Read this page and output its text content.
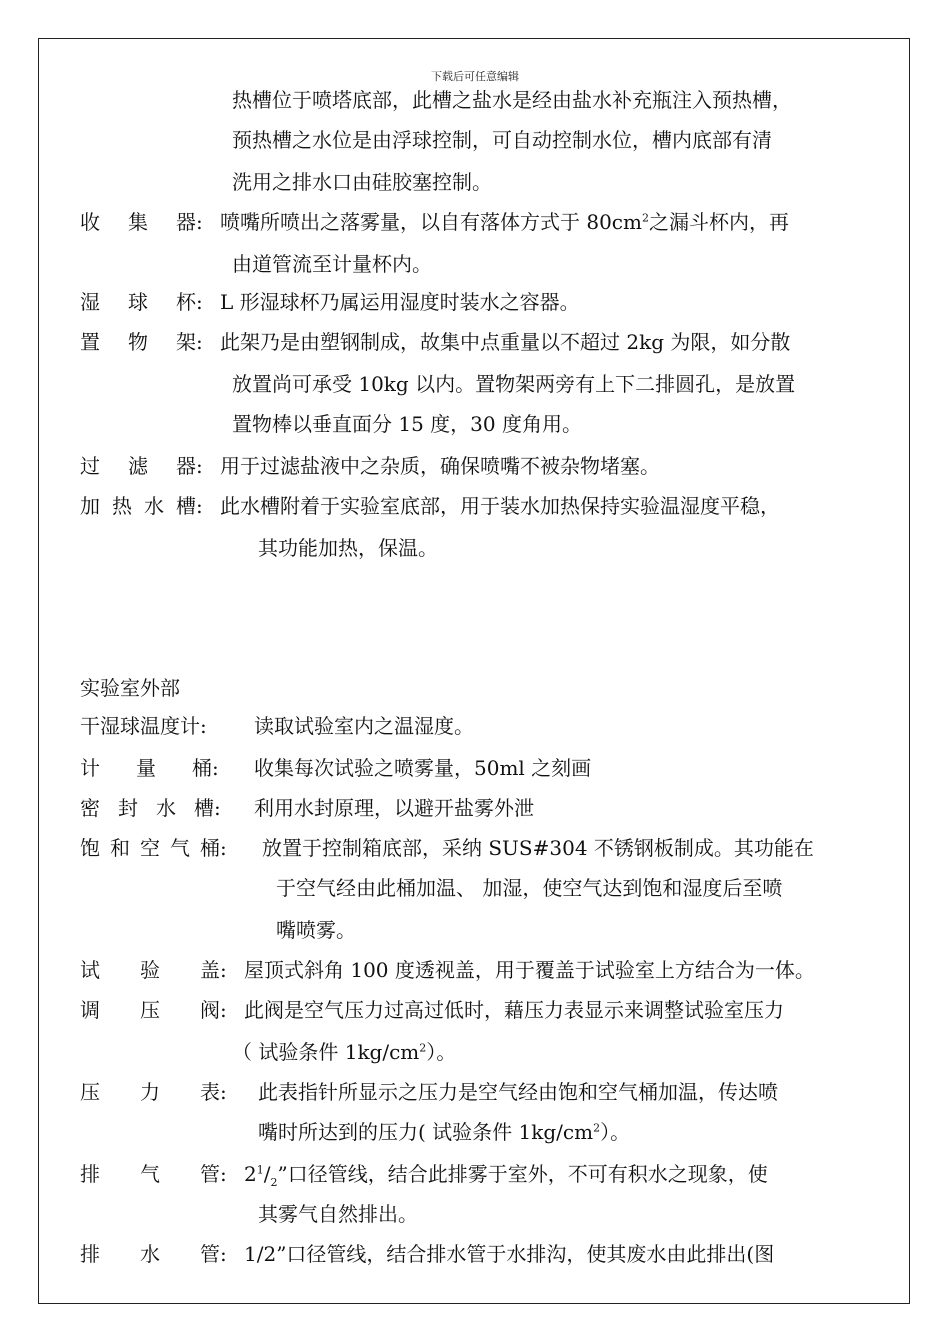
下载后可任意编辑
热槽位于喷塔底部，此槽之盐水是经由盐水补充瓶注入预热槽，
预热槽之水位是由浮球控制，可自动控制水位，槽内底部有清
洗用之排水口由硅胶塞控制。
收 集 器: 喷嘴所喷出之落雾量，以自有落体方式于 $80cm^2$之漏斗杯内，再
由道管流至计量杯内。
湿 球 杯: L 形湿球杯乃属运用湿度时装水之容器。
置 物 架: 此架乃是由塑钢制成，故集中点重量以不超过 2kg 为限，如分散
放置尚可承受 10kg 以内。置物架两旁有上下二排圆孔，是放置
置物棒以垂直面分 15 度，30 度角用。
过 滤 器: 用于过滤盐液中之杂质，确保喷嘴不被杂物堵塞。
加 热 水 槽: 此水槽附着于实验室底部，用于装水加热保持实验温湿度平稳，
其功能加热，保温。
实验室外部
干湿球温度计: 读取试验室内之温湿度。
计 量 桶: 收集每次试验之喷雾量，50ml 之刻画
密 封 水 槽: 利用水封原理，以避开盐雾外泄
饱 和 空 气 桶: 放置于控制箱底部，采纳 SUS#304 不锈钢板制成。其功能在
于空气经由此桶加温、 加湿，使空气达到饱和湿度后至喷
嘴喷雾。
试 验 盖: 屋顶式斜角 100 度透视盖，用于覆盖于试验室上方结合为一体。
调 压 阀: 此阀是空气压力过高过低时，藉压力表显示来调整试验室压力
（ 试验条件 $1kg/cm^2$）。
压 力 表: 此表指针所显示之压力是空气经由饱和空气桶加温，传达喷
嘴时所达到的压力( 试验条件 $1kg/cm^2$）。
排 气 管: $2^1/_2$”口径管线，结合此排雾于室外，不可有积水之现象，使
其雾气自然排出。
排 水 管: 1/2”口径管线，结合排水管于水排沟，使其废水由此排出(图
